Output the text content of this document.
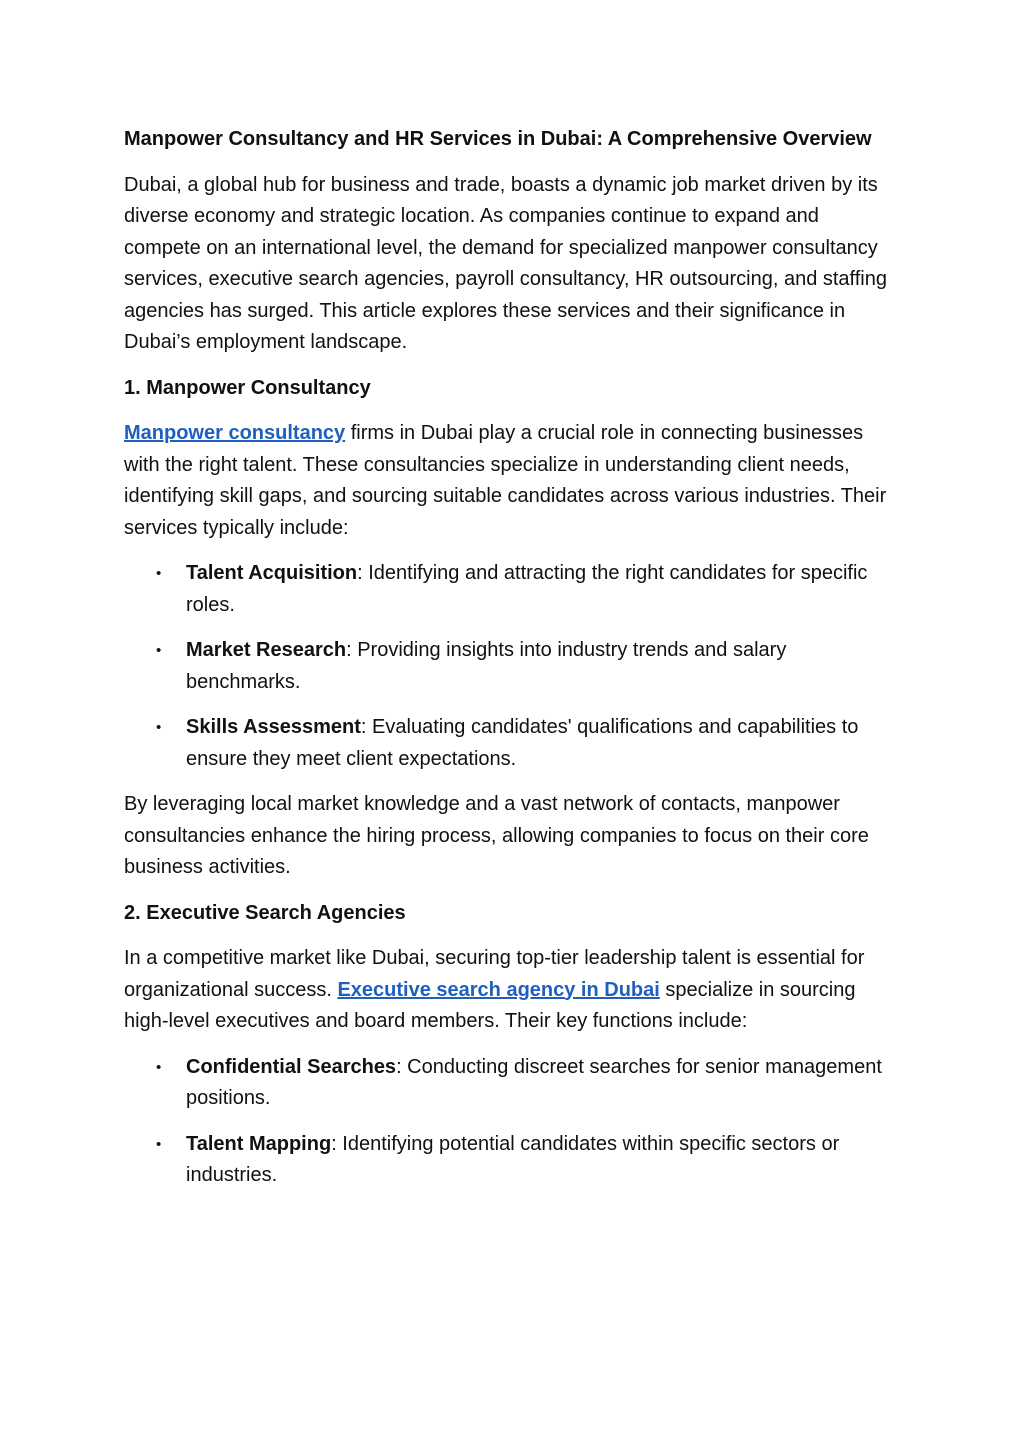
Manpower Consultancy and HR Services in Dubai: A Comprehensive Overview

Dubai, a global hub for business and trade, boasts a dynamic job market driven by its diverse economy and strategic location. As companies continue to expand and compete on an international level, the demand for specialized manpower consultancy services, executive search agencies, payroll consultancy, HR outsourcing, and staffing agencies has surged. This article explores these services and their significance in Dubai’s employment landscape.

1. Manpower Consultancy

Manpower consultancy firms in Dubai play a crucial role in connecting businesses with the right talent. These consultancies specialize in understanding client needs, identifying skill gaps, and sourcing suitable candidates across various industries. Their services typically include:

• Talent Acquisition: Identifying and attracting the right candidates for specific roles.
• Market Research: Providing insights into industry trends and salary benchmarks.
• Skills Assessment: Evaluating candidates' qualifications and capabilities to ensure they meet client expectations.

By leveraging local market knowledge and a vast network of contacts, manpower consultancies enhance the hiring process, allowing companies to focus on their core business activities.

2. Executive Search Agencies

In a competitive market like Dubai, securing top-tier leadership talent is essential for organizational success. Executive search agency in Dubai specialize in sourcing high-level executives and board members. Their key functions include:

• Confidential Searches: Conducting discreet searches for senior management positions.
• Talent Mapping: Identifying potential candidates within specific sectors or industries.
